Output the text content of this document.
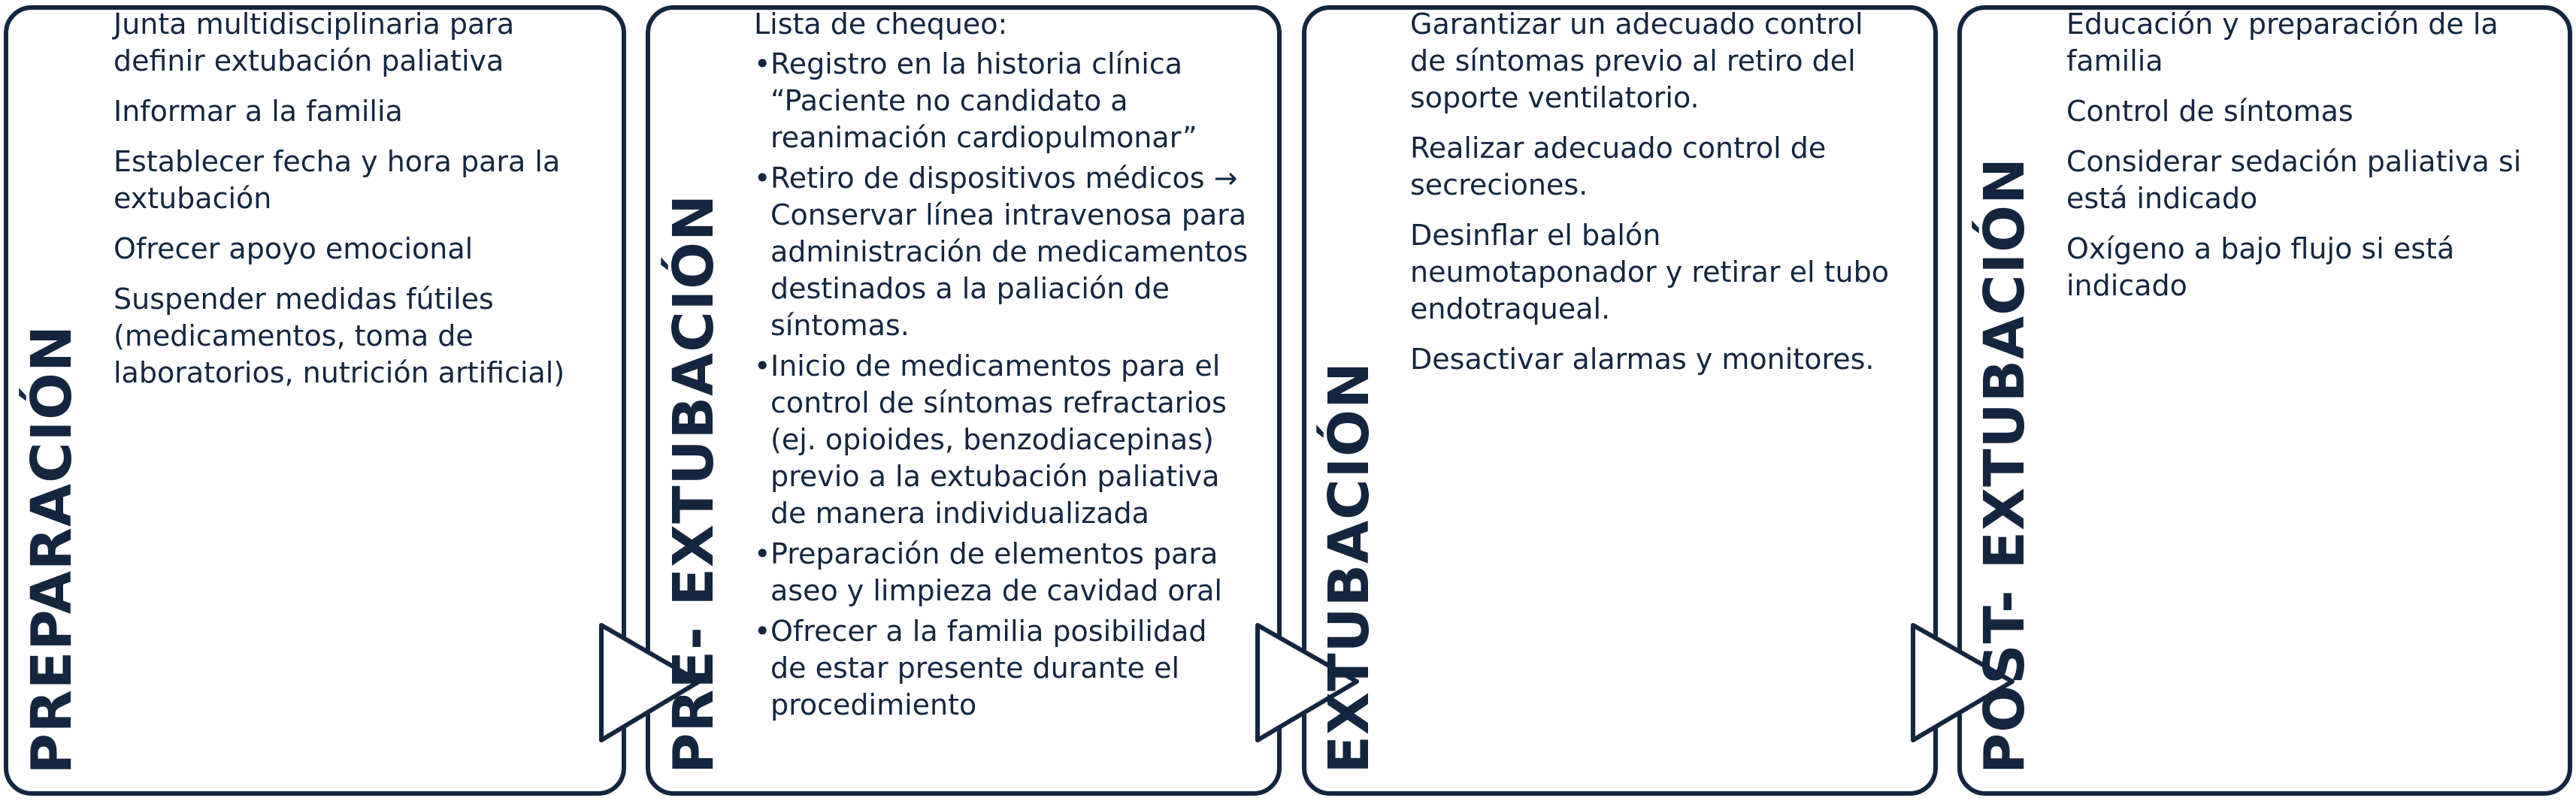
PREPARACIÓN
Junta multidisciplinaria para definir extubación paliativa
Informar a la familia
Establecer fecha y hora para la extubación
Ofrecer apoyo emocional
Suspender medidas fútiles (medicamentos, toma de laboratorios, nutrición artificial)	PRE- EXTUBACIÓN
Lista de chequeo:
• Registro en la historia clínica “Paciente no candidato a reanimación cardiopulmonar”
• Retiro de dispositivos médicos → Conservar línea intravenosa para administración de medicamentos destinados a la paliación de síntomas.
• Inicio de medicamentos para el control de síntomas refractarios (ej. opioides, benzodiacepinas) previo a la extubación paliativa de manera individualizada
• Preparación de elementos para aseo y limpieza de cavidad oral
• Ofrecer a la familia posibilidad de estar presente durante el procedimiento	EXTUBACIÓN
Garantizar un adecuado control de síntomas previo al retiro del soporte ventilatorio.
Realizar adecuado control de secreciones.
Desinflar el balón neumotaponador y retirar el tubo endotraqueal.
Desactivar alarmas y monitores.	POST- EXTUBACIÓN
Educación y preparación de la familia
Control de síntomas
Considerar sedación paliativa si está indicado
Oxígeno a bajo flujo si está indicado
